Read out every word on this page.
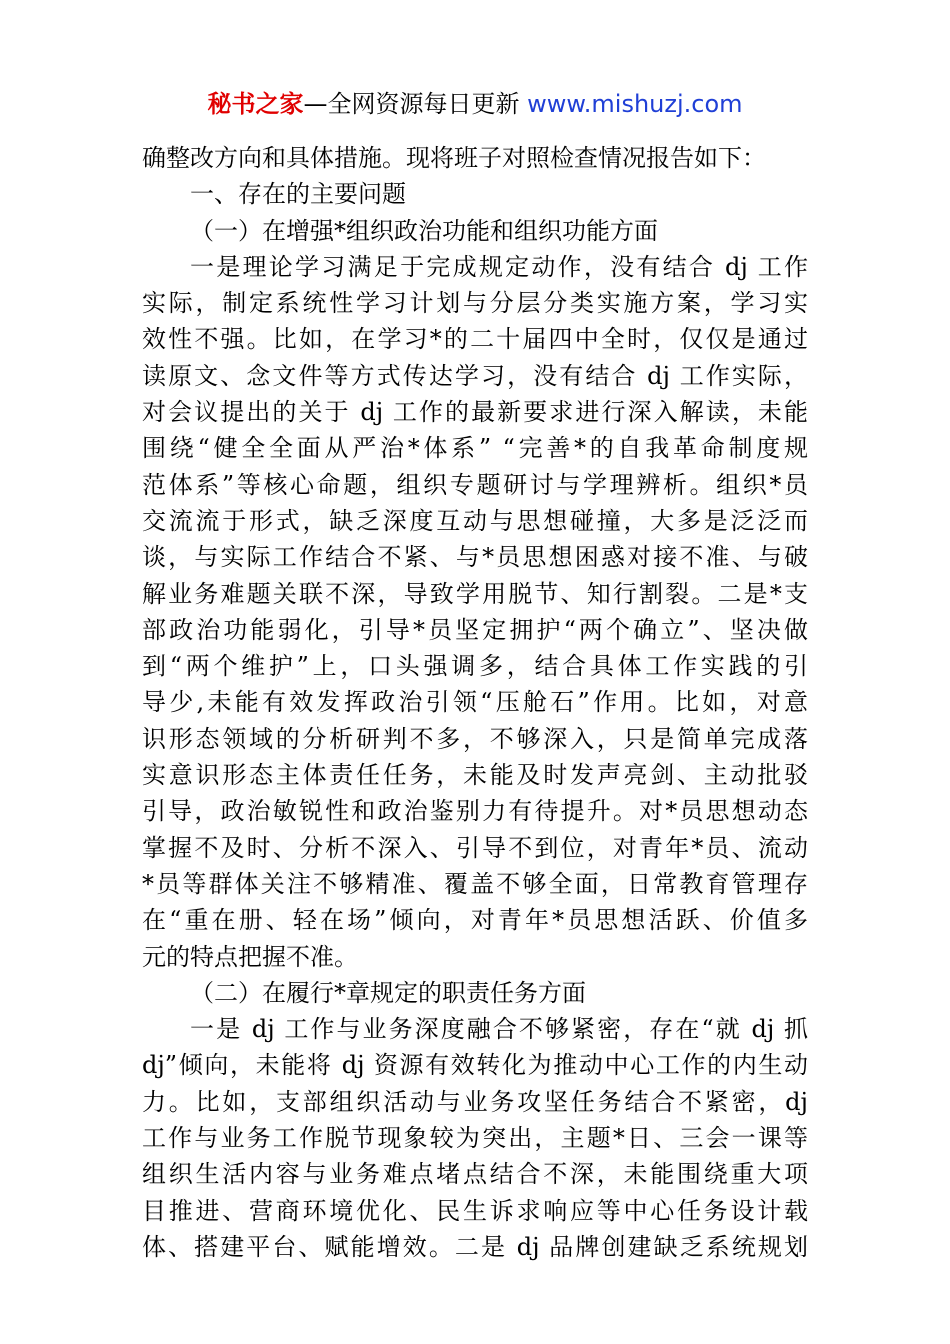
秘书之家—全网资源每日更新 www.mishuzj.com
确整改方向和具体措施。现将班子对照检查情况报告如下：
一、存在的主要问题
（一）在增强*组织政治功能和组织功能方面
一是理论学习满足于完成规定动作，没有结合 dj 工作
实际，制定系统性学习计划与分层分类实施方案，学习实
效性不强。比如，在学习*的二十届四中全时，仅仅是通过
读原文、念文件等方式传达学习，没有结合 dj 工作实际，
对会议提出的关于 dj 工作的最新要求进行深入解读，未能
围绕“健全全面从严治*体系” “完善*的自我革命制度规
范体系”等核心命题，组织专题研讨与学理辨析。组织*员
交流流于形式，缺乏深度互动与思想碰撞，大多是泛泛而
谈，与实际工作结合不紧、与*员思想困惑对接不准、与破
解业务难题关联不深，导致学用脱节、知行割裂。二是*支
部政治功能弱化，引导*员坚定拥护“两个确立”、坚决做
到“两个维护”上，口头强调多，结合具体工作实践的引
导少,未能有效发挥政治引领“压舱石”作用。比如，对意
识形态领域的分析研判不多，不够深入，只是简单完成落
实意识形态主体责任任务，未能及时发声亮剑、主动批驳
引导，政治敏锐性和政治鉴别力有待提升。对*员思想动态
掌握不及时、分析不深入、引导不到位，对青年*员、流动
*员等群体关注不够精准、覆盖不够全面，日常教育管理存
在“重在册、轻在场”倾向，对青年*员思想活跃、价值多
元的特点把握不准。
（二）在履行*章规定的职责任务方面
一是 dj 工作与业务深度融合不够紧密，存在“就 dj 抓
dj”倾向，未能将 dj 资源有效转化为推动中心工作的内生动
力。比如，支部组织活动与业务攻坚任务结合不紧密，dj
工作与业务工作脱节现象较为突出，主题*日、三会一课等
组织生活内容与业务难点堵点结合不深，未能围绕重大项
目推进、营商环境优化、民生诉求响应等中心任务设计载
体、搭建平台、赋能增效。二是 dj 品牌创建缺乏系统规划
